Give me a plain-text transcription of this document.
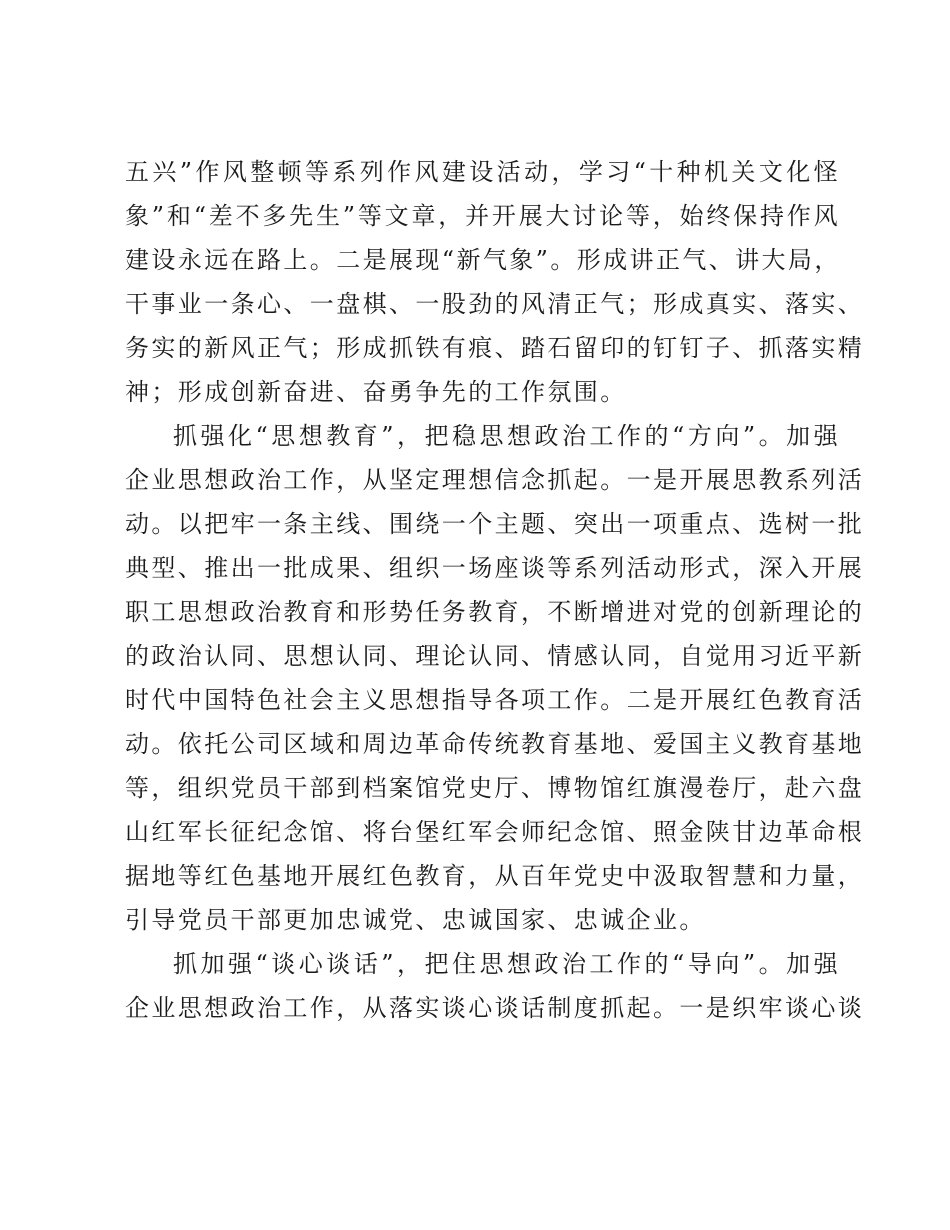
五兴”作风整顿等系列作风建设活动，学习“十种机关文化怪
象”和“差不多先生”等文章，并开展大讨论等，始终保持作风
建设永远在路上。二是展现“新气象”。形成讲正气、讲大局，
干事业一条心、一盘棋、一股劲的风清正气；形成真实、落实、
务实的新风正气；形成抓铁有痕、踏石留印的钉钉子、抓落实精
神；形成创新奋进、奋勇争先的工作氛围。
抓强化“思想教育”，把稳思想政治工作的“方向”。加强
企业思想政治工作，从坚定理想信念抓起。一是开展思教系列活
动。以把牢一条主线、围绕一个主题、突出一项重点、选树一批
典型、推出一批成果、组织一场座谈等系列活动形式，深入开展
职工思想政治教育和形势任务教育，不断增进对党的创新理论的
的政治认同、思想认同、理论认同、情感认同，自觉用习近平新
时代中国特色社会主义思想指导各项工作。二是开展红色教育活
动。依托公司区域和周边革命传统教育基地、爱国主义教育基地
等，组织党员干部到档案馆党史厅、博物馆红旗漫卷厅，赴六盘
山红军长征纪念馆、将台堡红军会师纪念馆、照金陕甘边革命根
据地等红色基地开展红色教育，从百年党史中汲取智慧和力量，
引导党员干部更加忠诚党、忠诚国家、忠诚企业。
抓加强“谈心谈话”，把住思想政治工作的“导向”。加强
企业思想政治工作，从落实谈心谈话制度抓起。一是织牢谈心谈
